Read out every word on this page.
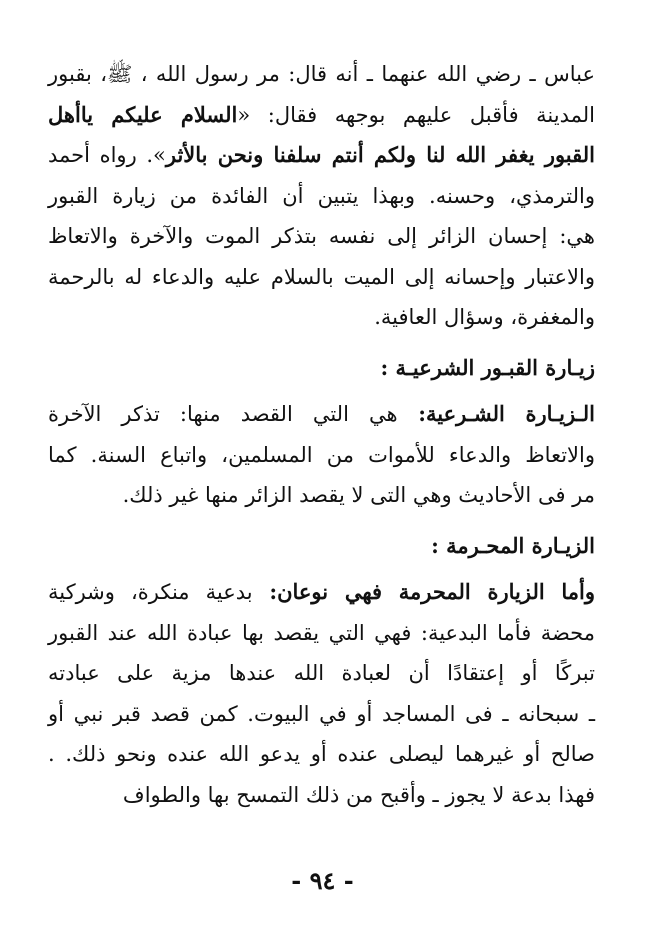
عباس ـ رضي الله عنهما ـ أنه قال: مر رسول الله ، ﷺ، بقبور
المدينة فأقبل عليهم بوجهه فقال: «السلام عليكم ياأهل
القبور يغفر الله لنا ولكم أنتم سلفنا ونحن بالأثر». رواه أحمد
والترمذي، وحسنه. وبهذا يتبين أن الفائدة من زيارة القبور
هي: إحسان الزائر إلى نفسه بتذكر الموت والآخرة والاتعاظ
والاعتبار وإحسانه إلى الميت بالسلام عليه والدعاء له بالرحمة
والمغفرة، وسؤال العافية.
زيـارة القبـور الشرعيـة :
الـزيـارة الشـرعية: هي التي القصد منها: تذكر الآخرة
والاتعاظ والدعاء للأموات من المسلمين، واتباع السنة. كما
مر فى الأحاديث وهي التى لا يقصد الزائر منها غير ذلك.
الزيـارة المحـرمة :
وأما الزيارة المحرمة فهي نوعان: بدعية منكرة، وشركية
محضة فأما البدعية: فهي التي يقصد بها عبادة الله عند القبور
تبركًا أو إعتقادًا أن لعبادة الله عندها مزية على عبادته
ـ سبحانه ـ فى المساجد أو في البيوت. كمن قصد قبر نبي أو
صالح أو غيرهما ليصلى عنده أو يدعو الله عنده ونحو ذلك. .
فهذا بدعة لا يجوز ـ وأقبح من ذلك التمسح بها والطواف
- ٩٤ -
